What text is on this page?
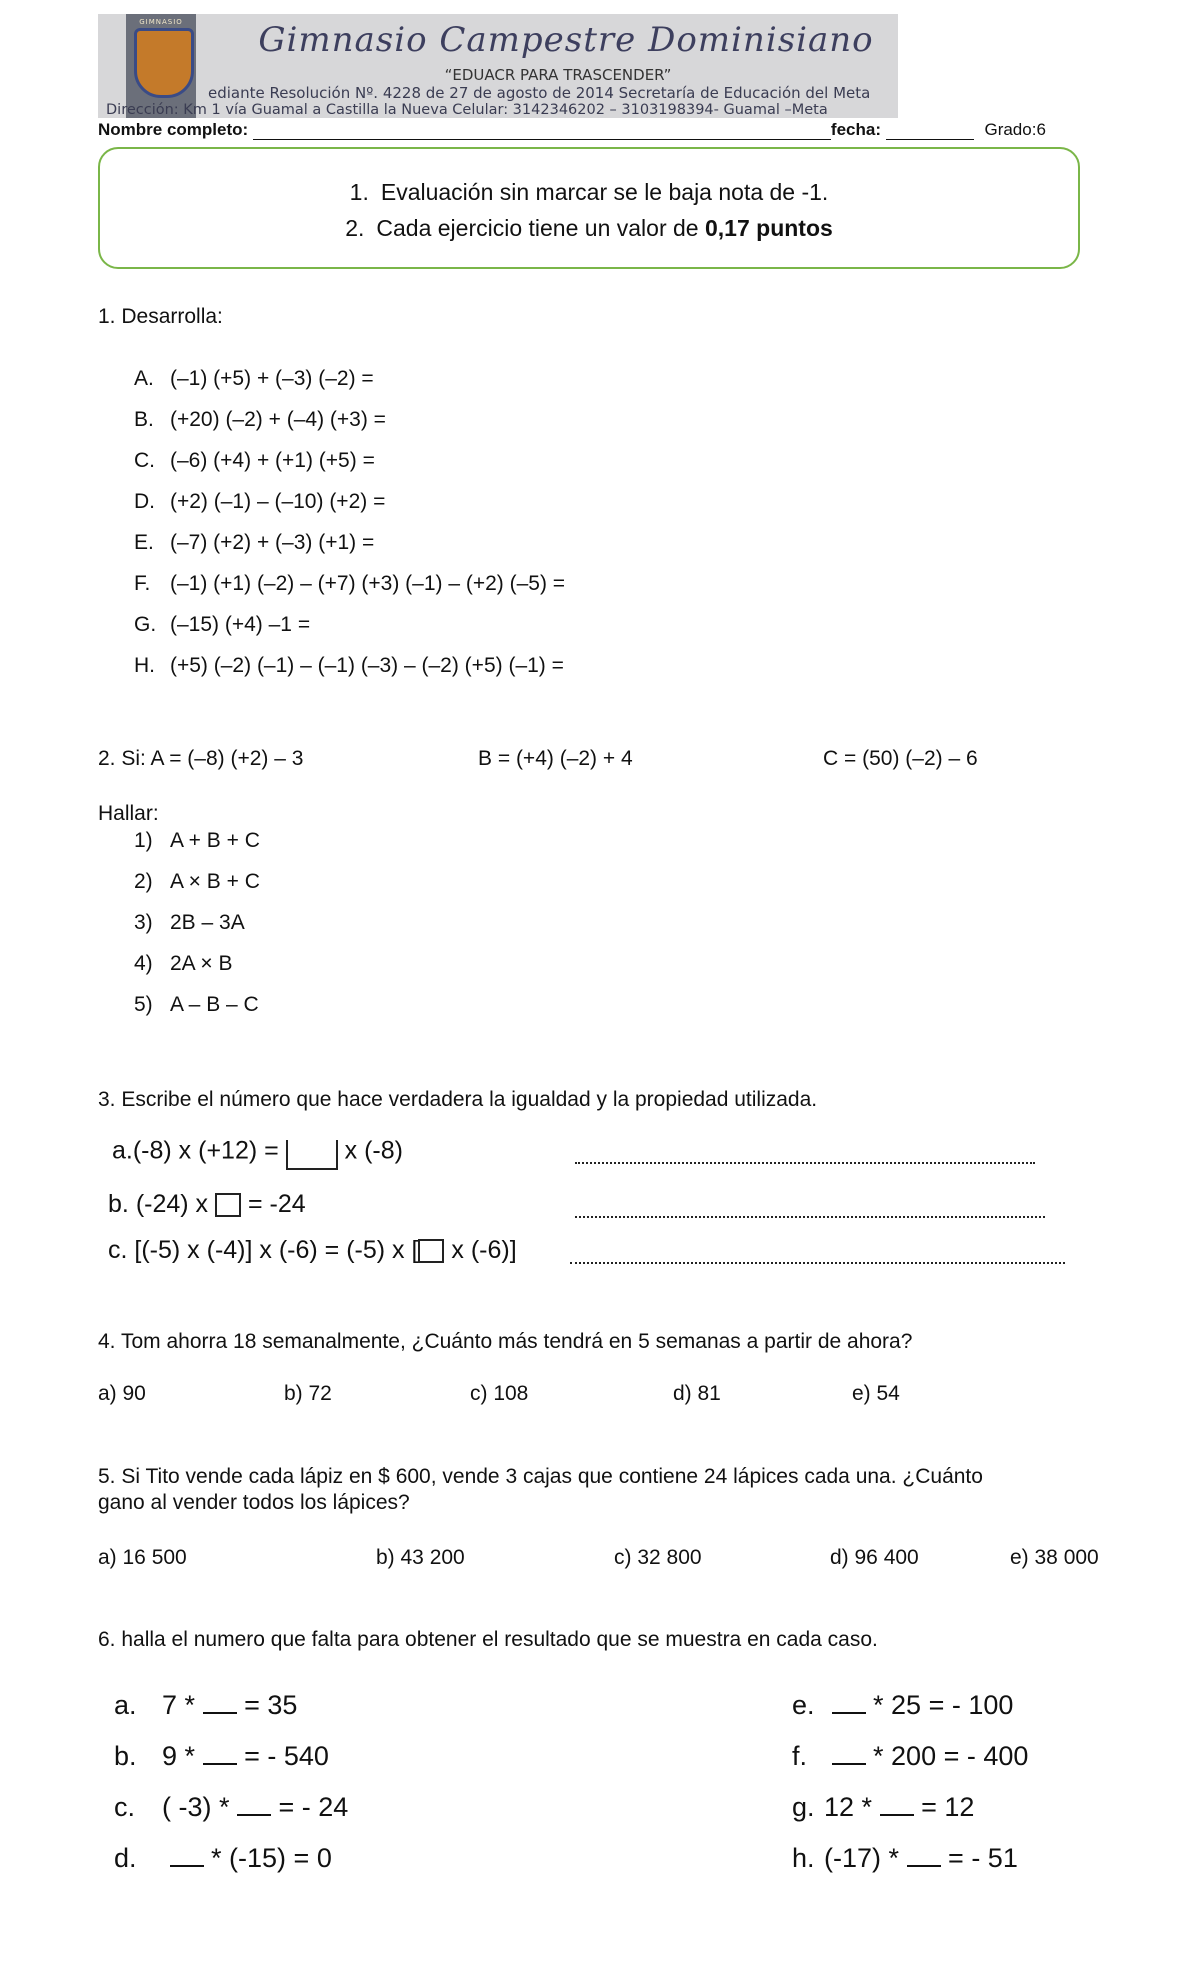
GIMNASIO	Gimnasio Campestre Dominisiano
“EDUACR PARA TRASCENDER”
ediante Resolución Nº. 4228 de 27 de agosto de 2014 Secretaría de Educación del Meta
Dirección: Km 1 vía Guamal a Castilla la Nueva Celular: 3142346202 – 3103198394- Guamal –Meta
Nombre completo:	fecha:	Grado:6
1. Evaluación sin marcar se le baja nota de -1.
2. Cada ejercicio tiene un valor de 0,17 puntos
1. Desarrolla:
A. (–1) (+5) + (–3) (–2) =
B. (+20) (–2) + (–4) (+3) =
C. (–6) (+4) + (+1) (+5) =
D. (+2) (–1) – (–10) (+2) =
E. (–7) (+2) + (–3) (+1) =
F. (–1) (+1) (–2) – (+7) (+3) (–1) – (+2) (–5) =
G. (–15) (+4) –1 =
H. (+5) (–2) (–1) – (–1) (–3) – (–2) (+5) (–1) =
2. Si: A = (–8) (+2) – 3	B = (+4) (–2) + 4	C = (50) (–2) – 6
Hallar:
1) A + B + C
2) A × B + C
3) 2B – 3A
4) 2A × B
5) A – B – C
3. Escribe el número que hace verdadera la igualdad y la propiedad utilizada.
a.(-8) x (+12) =	x (-8)
b. (-24) x = -24
c. [(-5) x (-4)] x (-6) = (-5) x [ x (-6)]
4. Tom ahorra 18 semanalmente, ¿Cuánto más tendrá en 5 semanas a partir de ahora?
a) 90	b) 72	c) 108	d) 81	e) 54
5. Si Tito vende cada lápiz en $ 600, vende 3 cajas que contiene 24 lápices cada una. ¿Cuánto
gano al vender todos los lápices?
a) 16 500	b) 43 200	c) 32 800	d) 96 400	e) 38 000
6. halla el numero que falta para obtener el resultado que se muestra en cada caso.
a. 7 * = 35
b. 9 * = - 540
c. ( -3) * = - 24
d.	* (-15) = 0
e. * 25 = - 100
f. * 200 = - 400
g. 12 * = 12
h. (-17) * = - 51
